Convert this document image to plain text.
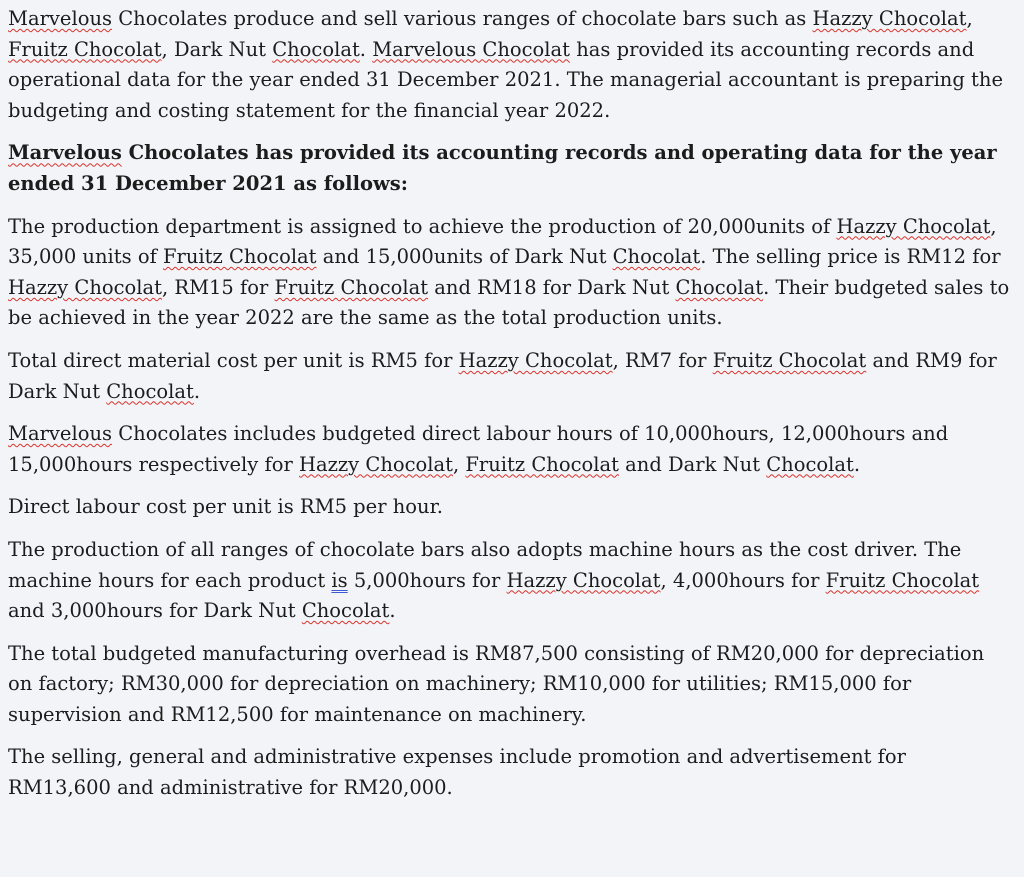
Marvelous Chocolates produce and sell various ranges of chocolate bars such as Hazzy Chocolat, Fruitz Chocolat, Dark Nut Chocolat. Marvelous Chocolat has provided its accounting records and operational data for the year ended 31 December 2021. The managerial accountant is preparing the budgeting and costing statement for the financial year 2022.

Marvelous Chocolates has provided its accounting records and operating data for the year ended 31 December 2021 as follows:

The production department is assigned to achieve the production of 20,000units of Hazzy Chocolat, 35,000 units of Fruitz Chocolat and 15,000units of Dark Nut Chocolat. The selling price is RM12 for Hazzy Chocolat, RM15 for Fruitz Chocolat and RM18 for Dark Nut Chocolat. Their budgeted sales to be achieved in the year 2022 are the same as the total production units.

Total direct material cost per unit is RM5 for Hazzy Chocolat, RM7 for Fruitz Chocolat and RM9 for Dark Nut Chocolat.

Marvelous Chocolates includes budgeted direct labour hours of 10,000hours, 12,000hours and 15,000hours respectively for Hazzy Chocolat, Fruitz Chocolat and Dark Nut Chocolat.

Direct labour cost per unit is RM5 per hour.

The production of all ranges of chocolate bars also adopts machine hours as the cost driver. The machine hours for each product is 5,000hours for Hazzy Chocolat, 4,000hours for Fruitz Chocolat and 3,000hours for Dark Nut Chocolat.

The total budgeted manufacturing overhead is RM87,500 consisting of RM20,000 for depreciation on factory; RM30,000 for depreciation on machinery; RM10,000 for utilities; RM15,000 for supervision and RM12,500 for maintenance on machinery.

The selling, general and administrative expenses include promotion and advertisement for RM13,600 and administrative for RM20,000.
